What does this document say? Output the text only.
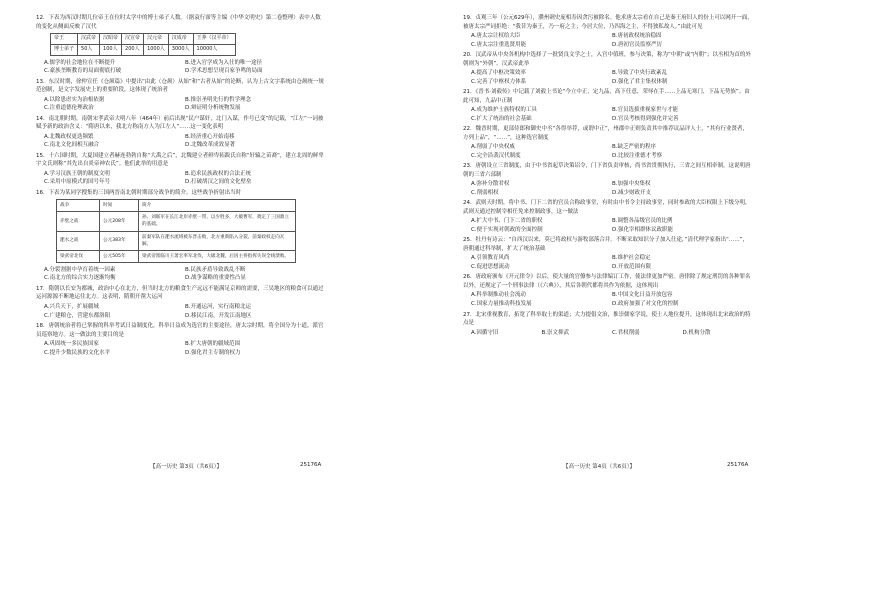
12．下表为西汉时期几位帝王在位时太学中的博士弟子人数。（据袁行霈等主编《中华文明史》第二卷整理）表中人数的变化从侧面反映了汉代
帝王	汉武帝	汉昭帝	汉宣帝	汉元帝	汉成帝	王莽（汉平帝）
博士弟子	50人	100人	200人	1000人	3000人	10000人
A.儒学的社会地位在不断提升	B.进入官学成为入仕的唯一途径
C.豪族垄断教育的局面彻底打破	D.学术思想呈现百家争鸣的局面
13．东汉时期，徐仲宣任《仓颉篇》中提出“由此（仓颉）从始”和“古者从始”的论断，认为上古文字系统由仓颉统一规范创制，是文字发展史上的重要阶段，这体现了统治者
A.以除患虐实为治根依据	B.推崇圣明先行的哲学理念
C.注重道德伦理政治	D.辩证明分析统物发展
14．南北朝时期，南朝宋孝武帝大明八年（464年）前后出现“民户谋奸，北门入谋，作号已变”的记载，“江左”一词被赋予新的政治含义：“隋唐以来，我北方称南方人为江左人”……这一变化表明
A.北魏政权更迭频繁	B.经济重心开始南移
C.南北文化间相互融合	D.北魏改革成效显著
15．十六国时期，大夏国建立者赫连勃勃自称“大禹之后”，北魏建立者鲜卑拓跋氏自称“轩辕之苗裔”，建立北周的鲜卑宇文氏则称“其先出自炎帝神农氏”。他们此举的用意是
A.学习汉族王朝的制度文明	B.追求民族政权的合法正统
C.采用中原模式的国号年号	D.打破胡汉之间的文化壁垒
16．下表为某同学搜集的三国两晋南北朝时期部分战争的简介。这些战争折射出当时
战争	时间	简介
赤壁之战	公元208年	孙、刘联军在长江北岸赤壁一带，以少胜多，大破曹军，奠定了三国鼎立的基础。
淝水之战	公元383年	前秦军队在淝水流域被东晋击败，北方重新陷入分裂，前秦政权走向瓦解。
梁武帝北伐	公元505年	梁武帝派临川王萧宏率军北伐，大破北魏，后因主将指挥失误全线溃败。
A.分裂割据中孕育着统一因素	B.民族矛盾导致战乱不断
C.南北方的综合实力逐渐均衡	D.战争谋略的重要性凸显
17．隋朝以长安为都城，政治中心在北方，但当时北方的粮食生产远远不能满足京师的需要，三吴地区的粮食可以通过运河源源不断地运往北方。这表明，隋朝开凿大运河
A.兴兵天下，扩展疆域	B.开通运河，实行南粮北运
C.广建粮仓，营建东都洛阳	D.移民江南，开发江南地区
18．唐朝统治者将已掌握的科举考试日益制度化，科举日益成为选官的主要途径，唐太宗时期，将全国分为十道，派官员巡察地方。这一做法的主要目的是
A.巩固统一多民族国家	B.扩大唐朝的疆域范围
C.提升少数民族的文化水平	D.强化君主专制的权力
19．贞观三年（公元629年），濮州刺史庞相寿因贪污被除名。他求唐太宗看在自己是秦王府旧人的份上可以网开一面，被唐太宗严词拒绝：“我昔为秦王，乃一府之主；今居大位，乃四海之主，不得独私故人。”由此可见
A.唐太宗让权给大臣	B.唐初政权统治稳固
C.唐太宗注重选贤用能	D.唐初官员监察严厉
20．汉武帝从中央各机构中选择了一批贤良文学之士，入宫中值班，参与决策，称为“中朝”或“内朝”；以丞相为首的外朝则为“外朝”。汉武帝此举
A.提高了中枢决策效率	B.导致了中央行政紊乱
C.完善了中枢权力体系	D.强化了君主集权体制
21．《晋书·刘毅传》中记载了刘毅上书论“今立中正，定九品，高下任意，荣辱在手……上品无寒门，下品无势族”。由此可知，九品中正制
A.成为维护士族特权的工具	B.官员选拔重视家世与才能
C.扩大了统治的社会基础	D.官员考核得到强化并完善
22．魏晋时期，更部侍郎和御史中丞“各得举荐，或谓中正”，州郡中正则负责其中推荐议品评人士，“其有行业贤者，方列上品”，“……”，这种选官制度
A.削弱了中央权威	B.缺乏严密的程序
C.完全沿袭汉代制度	D.比较注重德才考察
23．唐朝设立三省制度，由于中书省起草决策诏令，门下省负责审核，尚书省贯彻执行，三省之间互相牵制，这说明唐朝的三省六部制
A.弥补分散君权	B.加强中央集权
C.削弱相权	D.减少财政开支
24．武则天时期，将中书、门下二省的官员合称政事堂，有时由中书令主持政事堂，同时参政的大臣权限上下级分明，武则天通过控制宰相任免来控制政事，这一做法
A.扩大中书、门下二省的职权	B.调整各品级官员的比例
C.便于实现对朝政的全面控制	D.强化宰相群体议政职能
25．牡丹有诗云：“自西汉以来，莫已将政权与游牧部落合并。不断采取知识分子加入仕途，”清代理学家指出“……”，唐朝通过科举制，扩大了统治基础
A.引领教育风尚	B.维护社会稳定
C.促进思想流动	D.开放范围有限
26．唐政府颁布《开元律令》以后，使大量的官僚参与法律编订工作，使法律更加严密。唐律除了规定刑罚的各种罪名以外，还规定了一个刑事法律（《六典》），其后各朝代都将其作为依据，这体现出
A.科举制推动社会流动	B.中国文化日益开放包容
C.国家力量推动科技发展	D.政府加强了对文化的控制
27．北宋重视教育，拓宽了科举取士的渠道；大力提倡文治，推崇儒家学说，使士人地位提升，这体现出北宋政治的特点是
A.因循守旧	B.崇文抑武	C.君权削弱	D.机构分散
【高一历史 第3页（共6页）】	25176A	【高一历史 第4页（共6页）】	25176A
